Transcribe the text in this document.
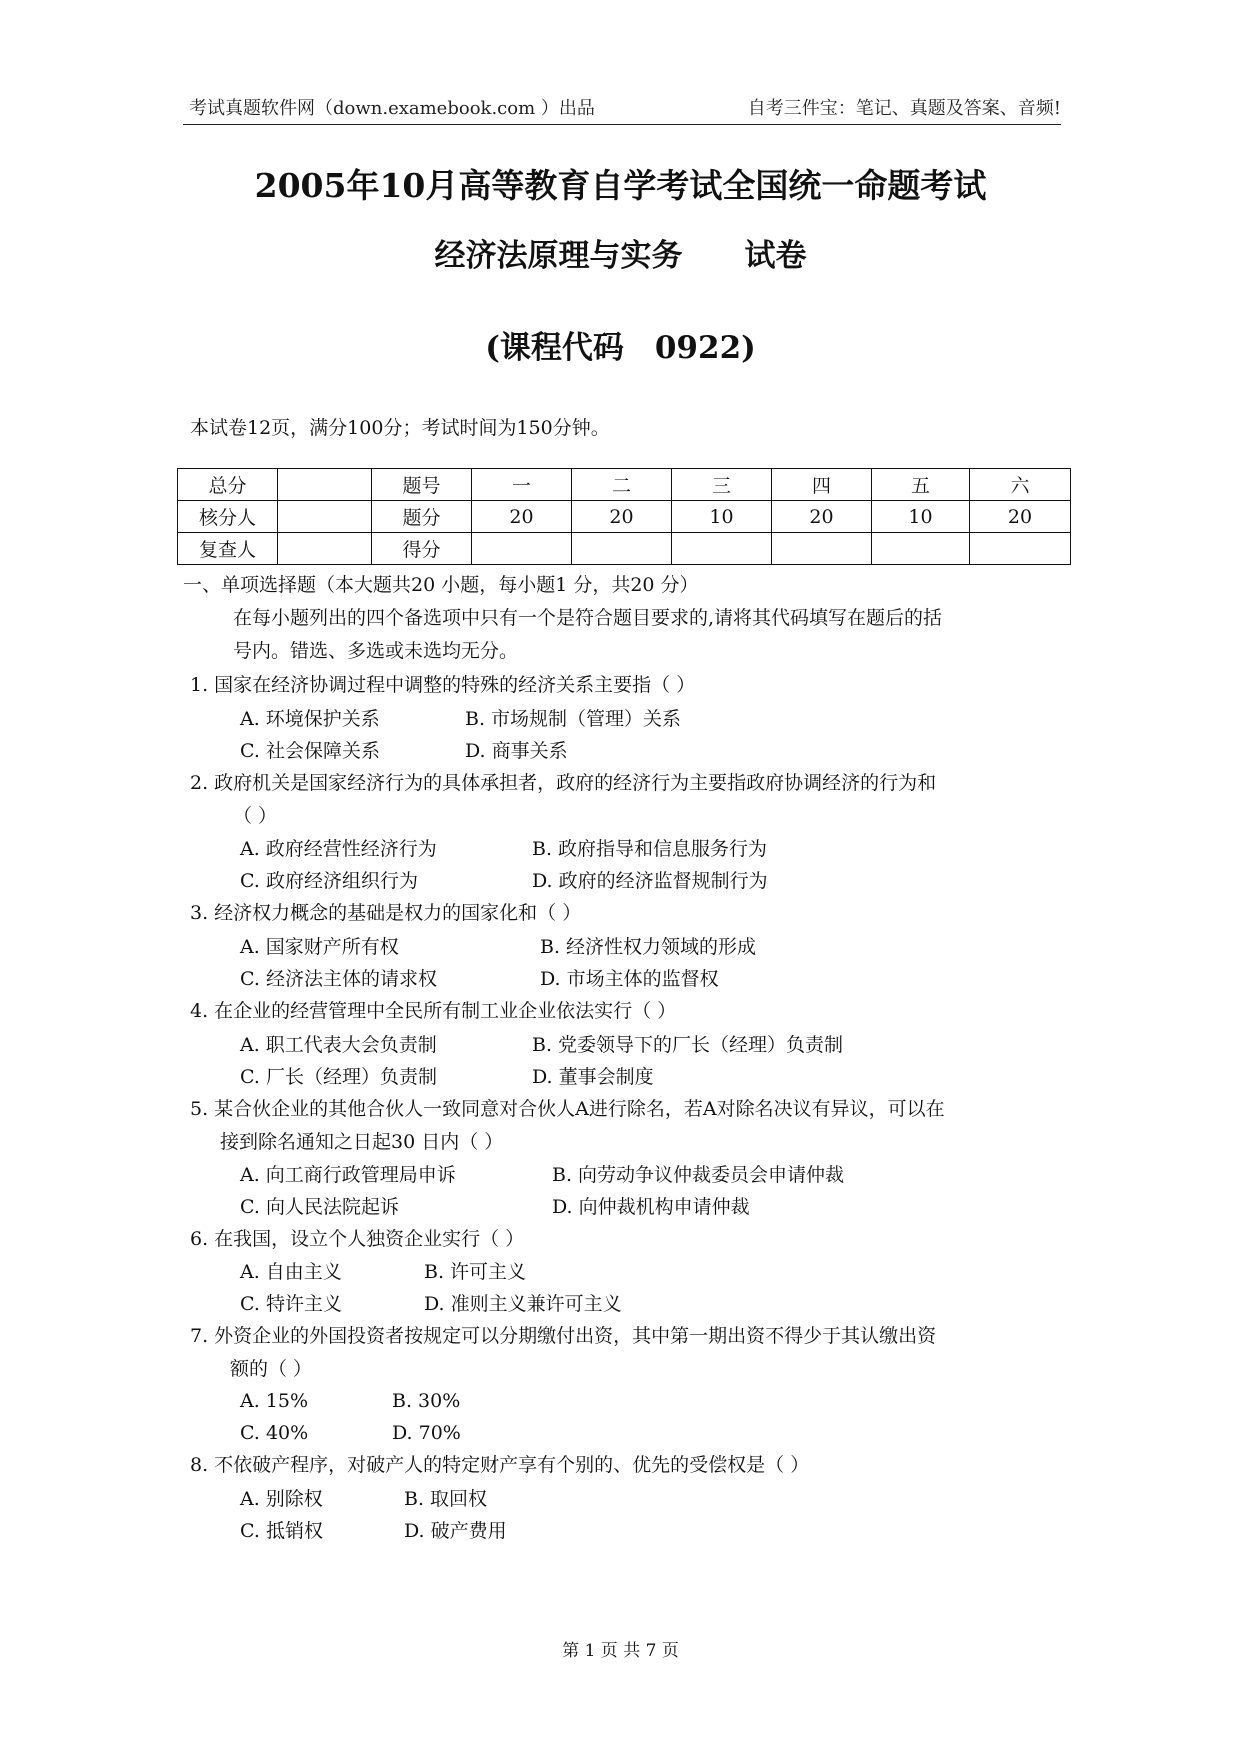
考试真题软件网（down.examebook.com ）出品	自考三件宝：笔记、真题及答案、音频!
2005年10月高等教育自学考试全国统一命题考试
经济法原理与实务　　试卷
(课程代码　0922)
本试卷12页，满分100分；考试时间为150分钟。
总分		题号	一	二	三	四	五	六
核分人		题分	20	20	10	20	10	20
复查人		得分						
一、单项选择题（本大题共20 小题，每小题1 分，共20 分）
在每小题列出的四个备选项中只有一个是符合题目要求的,请将其代码填写在题后的括
号内。错选、多选或未选均无分。
1. 国家在经济协调过程中调整的特殊的经济关系主要指（ ）
A. 环境保护关系	B. 市场规制（管理）关系
C. 社会保障关系	D. 商事关系
2. 政府机关是国家经济行为的具体承担者，政府的经济行为主要指政府协调经济的行为和
（ ）
A. 政府经营性经济行为	B. 政府指导和信息服务行为
C. 政府经济组织行为	D. 政府的经济监督规制行为
3. 经济权力概念的基础是权力的国家化和（ ）
A. 国家财产所有权	B. 经济性权力领域的形成
C. 经济法主体的请求权	D. 市场主体的监督权
4. 在企业的经营管理中全民所有制工业企业依法实行（ ）
A. 职工代表大会负责制	B. 党委领导下的厂长（经理）负责制
C. 厂长（经理）负责制	D. 董事会制度
5. 某合伙企业的其他合伙人一致同意对合伙人A进行除名，若A对除名决议有异议，可以在
接到除名通知之日起30 日内（ ）
A. 向工商行政管理局申诉	B. 向劳动争议仲裁委员会申请仲裁
C. 向人民法院起诉	D. 向仲裁机构申请仲裁
6. 在我国，设立个人独资企业实行（ ）
A. 自由主义	B. 许可主义
C. 特许主义	D. 准则主义兼许可主义
7. 外资企业的外国投资者按规定可以分期缴付出资，其中第一期出资不得少于其认缴出资
额的（ ）
A. 15%	B. 30%
C. 40%	D. 70%
8. 不依破产程序，对破产人的特定财产享有个别的、优先的受偿权是（ ）
A. 别除权	B. 取回权
C. 抵销权	D. 破产费用
第 1 页 共 7 页
